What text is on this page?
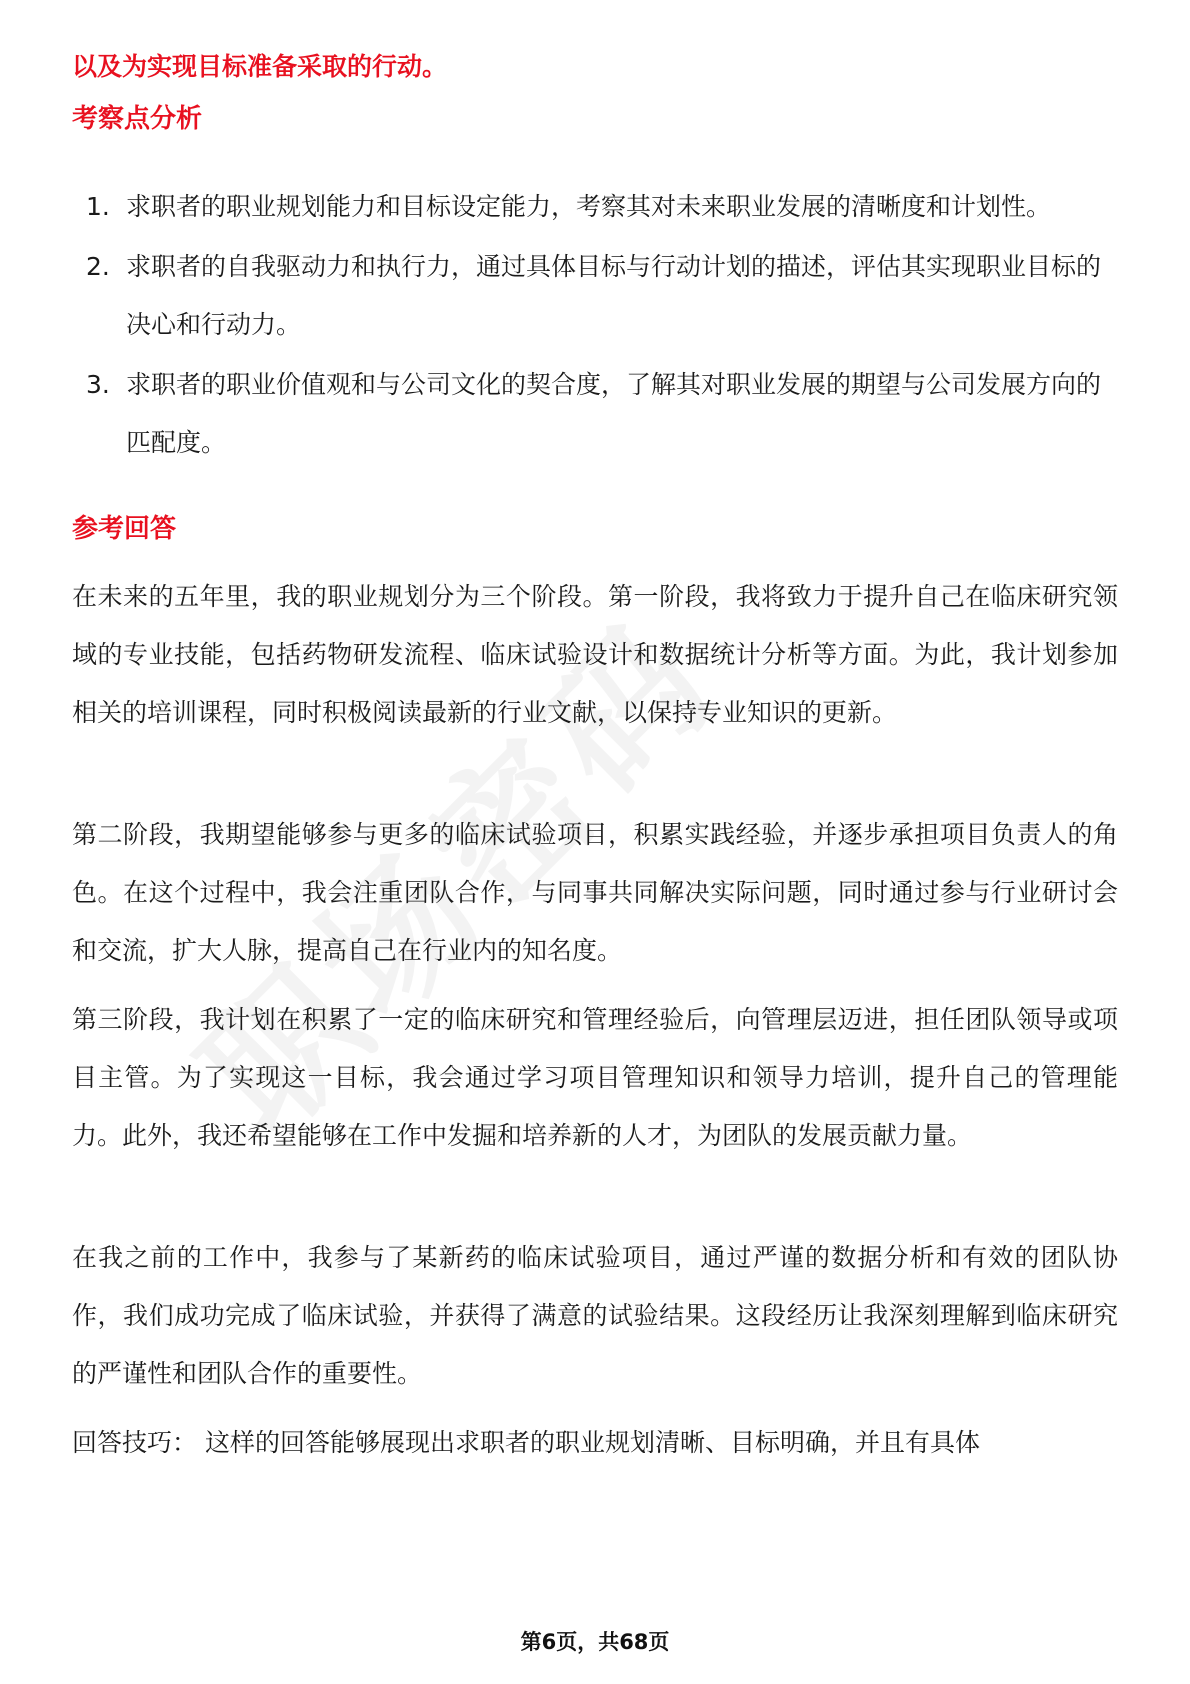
以及为实现目标准备采取的行动。
考察点分析
1. 求职者的职业规划能力和目标设定能力，考察其对未来职业发展的清晰度和计划性。
2. 求职者的自我驱动力和执行力，通过具体目标与行动计划的描述，评估其实现职业目标的决心和行动力。
3. 求职者的职业价值观和与公司文化的契合度，了解其对职业发展的期望与公司发展方向的匹配度。
参考回答
在未来的五年里，我的职业规划分为三个阶段。第一阶段，我将致力于提升自己在临床研究领域的专业技能，包括药物研发流程、临床试验设计和数据统计分析等方面。为此，我计划参加相关的培训课程，同时积极阅读最新的行业文献，以保持专业知识的更新。
第二阶段，我期望能够参与更多的临床试验项目，积累实践经验，并逐步承担项目负责人的角色。在这个过程中，我会注重团队合作，与同事共同解决实际问题，同时通过参与行业研讨会和交流，扩大人脉，提高自己在行业内的知名度。
第三阶段，我计划在积累了一定的临床研究和管理经验后，向管理层迈进，担任团队领导或项目主管。为了实现这一目标，我会通过学习项目管理知识和领导力培训，提升自己的管理能力。此外，我还希望能够在工作中发掘和培养新的人才，为团队的发展贡献力量。
在我之前的工作中，我参与了某新药的临床试验项目，通过严谨的数据分析和有效的团队协作，我们成功完成了临床试验，并获得了满意的试验结果。这段经历让我深刻理解到临床研究的严谨性和团队合作的重要性。
回答技巧： 这样的回答能够展现出求职者的职业规划清晰、目标明确，并且有具体
第6页，共68页
